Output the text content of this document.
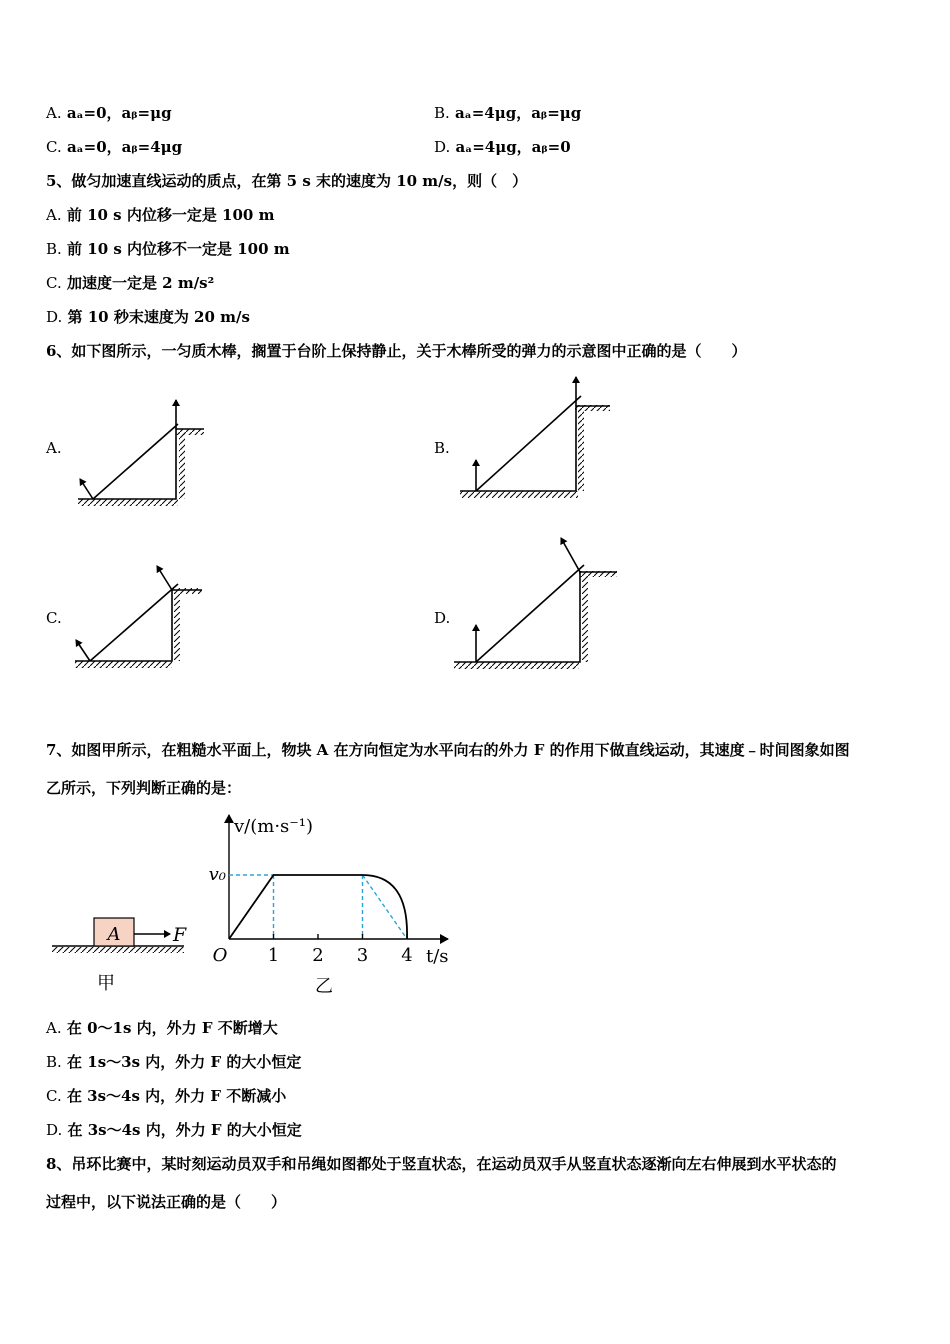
A. aₐ=0，aᵦ=μg	B. aₐ=4μg，aᵦ=μg
C. aₐ=0，aᵦ=4μg	D. aₐ=4μg，aᵦ=0
5、做匀加速直线运动的质点，在第 5 s 末的速度为 10 m/s，则（　）
A. 前 10 s 内位移一定是 100 m
B. 前 10 s 内位移不一定是 100 m
C. 加速度一定是 2 m/s²
D. 第 10 秒末速度为 20 m/s
6、如下图所示，一匀质木棒，搁置于台阶上保持静止，关于木棒所受的弹力的示意图中正确的是（　　）
A.	B.
C.	D.
7、如图甲所示，在粗糙水平面上，物块 A 在方向恒定为水平向右的外力 F 的作用下做直线运动，其速度﹣时间图象如图
乙所示，下列判断正确的是：
A	F
甲
v/(m·s⁻¹)
v₀
O	t/s
乙
1 2 3 4
A. 在 0～1s 内，外力 F 不断增大
B. 在 1s～3s 内，外力 F 的大小恒定
C. 在 3s～4s 内，外力 F 不断减小
D. 在 3s～4s 内，外力 F 的大小恒定
8、吊环比赛中，某时刻运动员双手和吊绳如图都处于竖直状态，在运动员双手从竖直状态逐渐向左右伸展到水平状态的
过程中，以下说法正确的是（　　）
